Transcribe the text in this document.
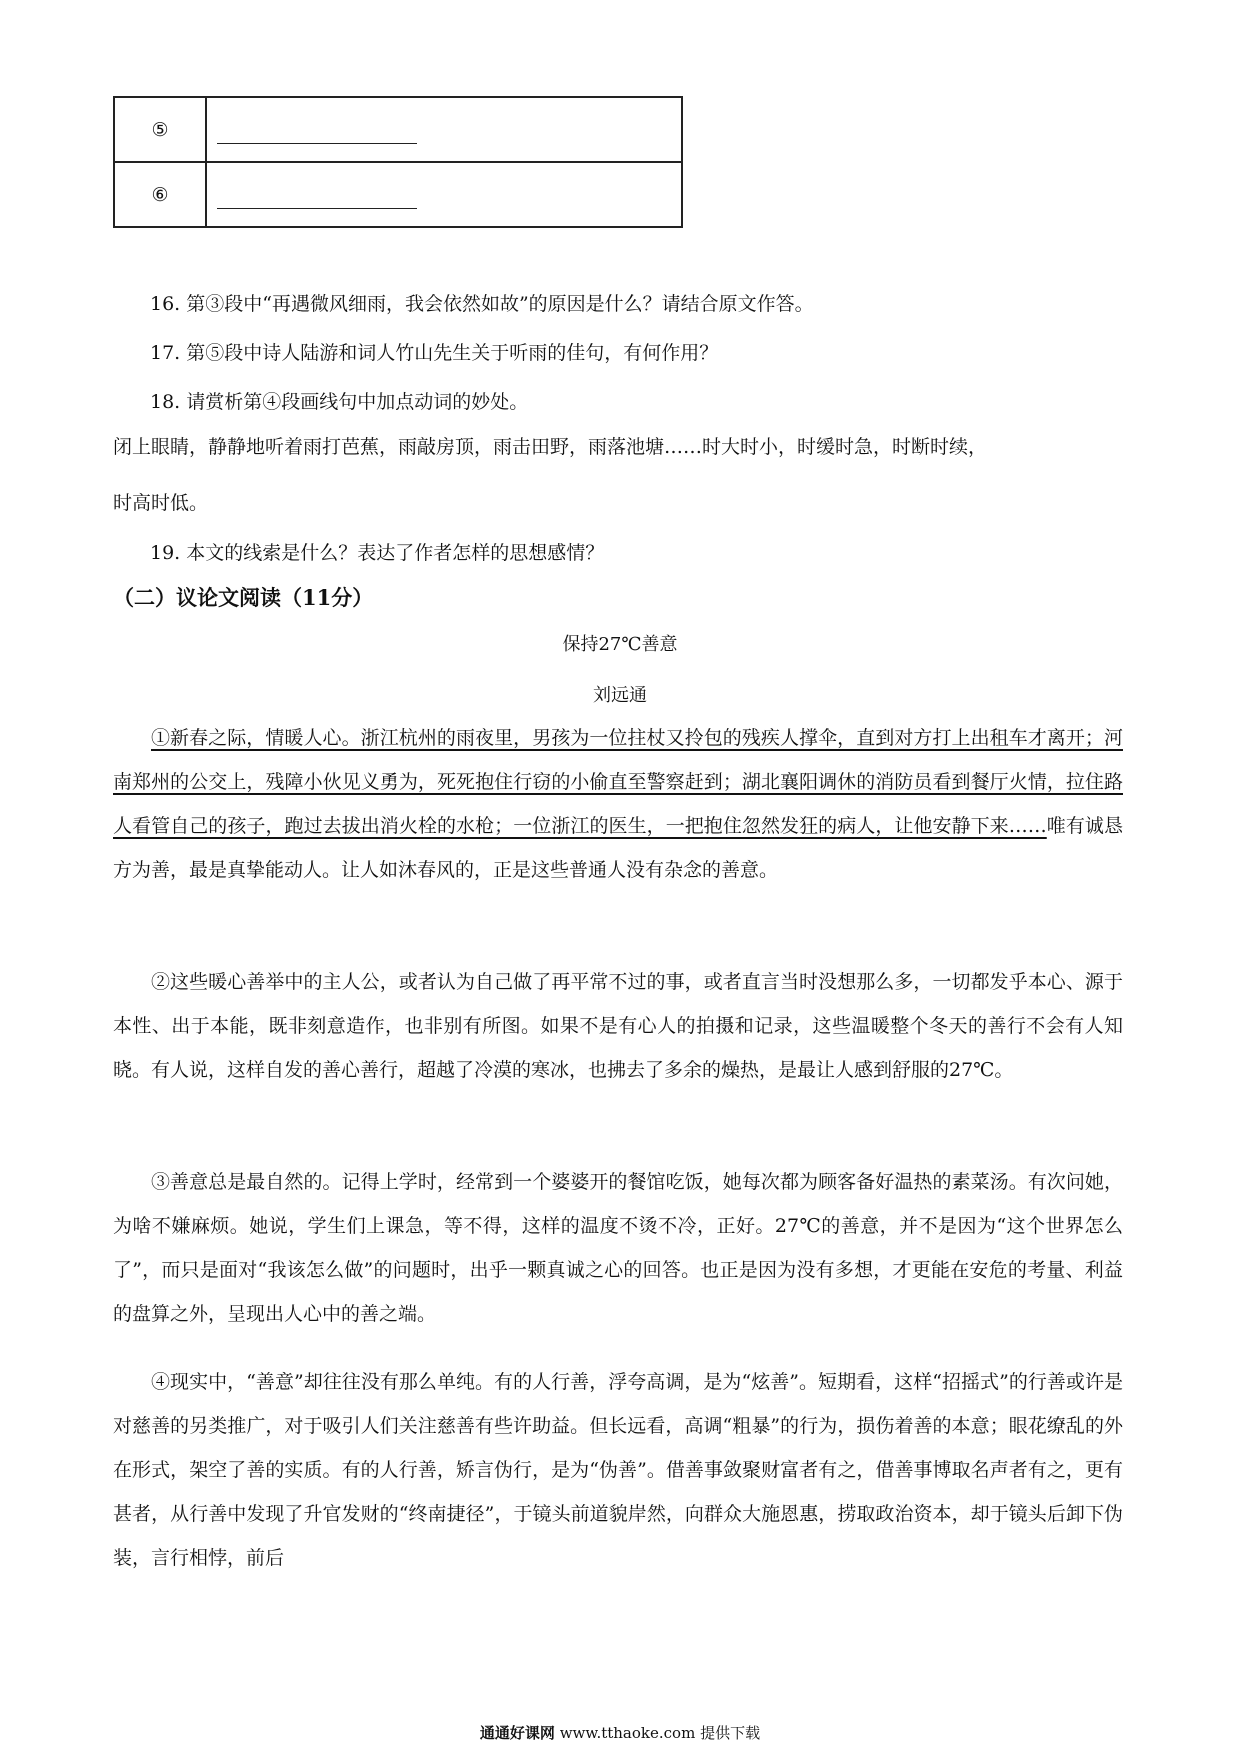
⑤	
⑥	
16. 第③段中“再遇微风细雨，我会依然如故”的原因是什么？请结合原文作答。
17. 第⑤段中诗人陆游和词人竹山先生关于听雨的佳句，有何作用？
18. 请赏析第④段画线句中加点动词的妙处。
闭上眼睛，静静地听着雨打芭蕉，雨敲房顶，雨击田野，雨落池塘……时大时小，时缓时急，时断时续，
时高时低。
19. 本文的线索是什么？表达了作者怎样的思想感情？
（二）议论文阅读（11分）
保持27℃善意
刘远通
①新春之际，情暖人心。浙江杭州的雨夜里，男孩为一位拄杖又拎包的残疾人撑伞，直到对方打上出租车才离开；河南郑州的公交上，残障小伙见义勇为，死死抱住行窃的小偷直至警察赶到；湖北襄阳调休的消防员看到餐厅火情，拉住路人看管自己的孩子，跑过去拔出消火栓的水枪；一位浙江的医生，一把抱住忽然发狂的病人，让他安静下来……唯有诚恳方为善，最是真挚能动人。让人如沐春风的，正是这些普通人没有杂念的善意。
②这些暖心善举中的主人公，或者认为自己做了再平常不过的事，或者直言当时没想那么多，一切都发乎本心、源于本性、出于本能，既非刻意造作，也非别有所图。如果不是有心人的拍摄和记录，这些温暖整个冬天的善行不会有人知晓。有人说，这样自发的善心善行，超越了冷漠的寒冰，也拂去了多余的燥热，是最让人感到舒服的27℃。
③善意总是最自然的。记得上学时，经常到一个婆婆开的餐馆吃饭，她每次都为顾客备好温热的素菜汤。有次问她，为啥不嫌麻烦。她说，学生们上课急，等不得，这样的温度不烫不冷，正好。27℃的善意，并不是因为“这个世界怎么了”，而只是面对“我该怎么做”的问题时，出乎一颗真诚之心的回答。也正是因为没有多想，才更能在安危的考量、利益的盘算之外，呈现出人心中的善之端。
④现实中，“善意”却往往没有那么单纯。有的人行善，浮夸高调，是为“炫善”。短期看，这样“招摇式”的行善或许是对慈善的另类推广，对于吸引人们关注慈善有些许助益。但长远看，高调“粗暴”的行为，损伤着善的本意；眼花缭乱的外在形式，架空了善的实质。有的人行善，矫言伪行，是为“伪善”。借善事敛聚财富者有之，借善事博取名声者有之，更有甚者，从行善中发现了升官发财的“终南捷径”，于镜头前道貌岸然，向群众大施恩惠，捞取政治资本，却于镜头后卸下伪装，言行相悖，前后
通通好课网 www.tthaoke.com 提供下载
